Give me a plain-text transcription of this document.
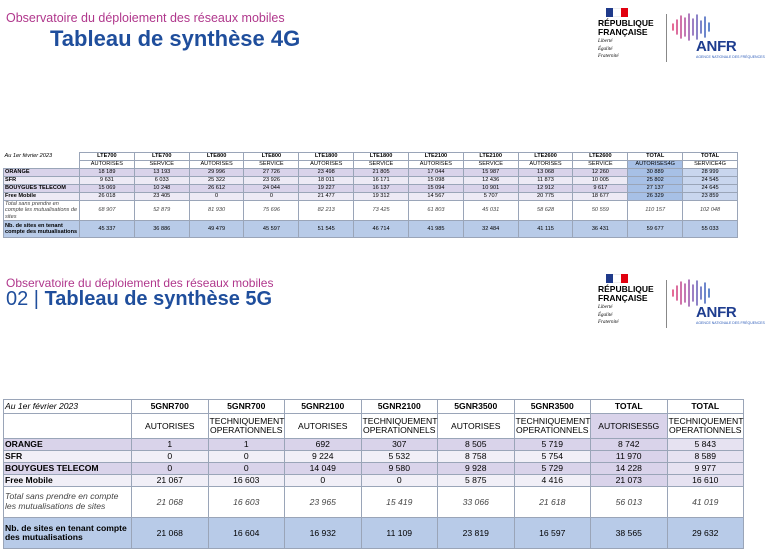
Observatoire du déploiement des réseaux mobiles
Tableau de synthèse 4G
RÉPUBLIQUE
FRANÇAISE
Liberté
Égalité
Fraternité
ANFR
AGENCE NATIONALE DES FRÉQUENCES
Au 1er février 2023	LTE700	LTE700	LTE800	LTE800	LTE1800	LTE1800	LTE2100	LTE2100	LTE2600	LTE2600	TOTAL	TOTAL
	AUTORISES	SERVICE	AUTORISES	SERVICE	AUTORISES	SERVICE	AUTORISES	SERVICE	AUTORISES	SERVICE	AUTORISES4G	SERVICE4G
ORANGE	18 189	13 193	29 996	27 726	23 498	21 805	17 044	15 987	13 068	12 260	30 889	28 999
SFR	9 631	6 033	25 322	23 926	18 011	16 171	15 098	12 436	11 873	10 005	25 802	24 545
BOUYGUES TELECOM	15 069	10 248	26 612	24 044	19 227	16 137	15 094	10 901	12 912	9 617	27 137	24 645
Free Mobile	26 018	23 405	0	0	21 477	19 312	14 567	5 707	20 775	18 677	26 329	23 859
Total sans prendre en compte les mutualisations de sites	68 907	52 879	81 930	75 696	82 213	73 425	61 803	45 031	58 628	50 559	110 157	102 048
Nb. de sites en tenant compte des mutualisations	45 337	36 886	49 479	45 597	51 545	46 714	41 985	32 484	41 115	36 431	59 677	55 033
Observatoire du déploiement des réseaux mobiles
02 | Tableau de synthèse 5G	RÉPUBLIQUE
FRANÇAISE
Liberté
Égalité
Fraternité
ANFR
AGENCE NATIONALE DES FRÉQUENCES
Au 1er février 2023	5GNR700	5GNR700	5GNR2100	5GNR2100	5GNR3500	5GNR3500	TOTAL	TOTAL
	AUTORISES	TECHNIQUEMENT OPERATIONNELS	AUTORISES	TECHNIQUEMENT OPERATIONNELS	AUTORISES	TECHNIQUEMENT OPERATIONNELS	AUTORISES5G	TECHNIQUEMENT OPERATIONNELS
ORANGE	1	1	692	307	8 505	5 719	8 742	5 843
SFR	0	0	9 224	5 532	8 758	5 754	11 970	8 589
BOUYGUES TELECOM	0	0	14 049	9 580	9 928	5 729	14 228	9 977
Free Mobile	21 067	16 603	0	0	5 875	4 416	21 073	16 610
Total sans prendre en compte les mutualisations de sites	21 068	16 603	23 965	15 419	33 066	21 618	56 013	41 019
Nb. de sites en tenant compte des mutualisations	21 068	16 604	16 932	11 109	23 819	16 597	38 565	29 632
